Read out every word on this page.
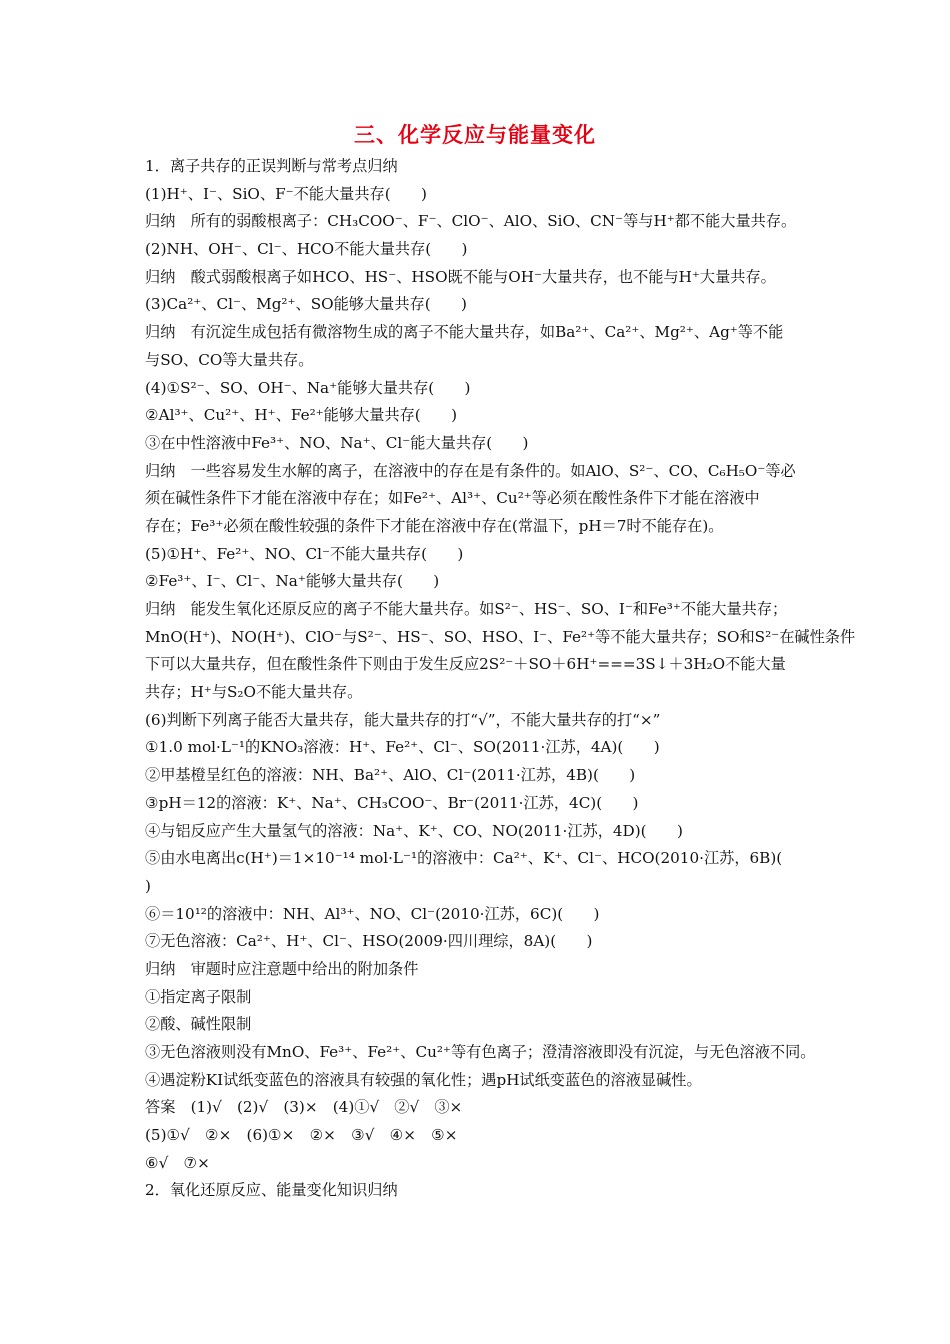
三、化学反应与能量变化
1．离子共存的正误判断与常考点归纳
(1)H⁺、I⁻、SiO、F⁻不能大量共存(　　)
归纳　所有的弱酸根离子：CH₃COO⁻、F⁻、ClO⁻、AlO、SiO、CN⁻等与H⁺都不能大量共存。
(2)NH、OH⁻、Cl⁻、HCO不能大量共存(　　)
归纳　酸式弱酸根离子如HCO、HS⁻、HSO既不能与OH⁻大量共存，也不能与H⁺大量共存。
(3)Ca²⁺、Cl⁻、Mg²⁺、SO能够大量共存(　　)
归纳　有沉淀生成包括有微溶物生成的离子不能大量共存，如Ba²⁺、Ca²⁺、Mg²⁺、Ag⁺等不能
与SO、CO等大量共存。
(4)①S²⁻、SO、OH⁻、Na⁺能够大量共存(　　)
②Al³⁺、Cu²⁺、H⁺、Fe²⁺能够大量共存(　　)
③在中性溶液中Fe³⁺、NO、Na⁺、Cl⁻能大量共存(　　)
归纳　一些容易发生水解的离子，在溶液中的存在是有条件的。如AlO、S²⁻、CO、C₆H₅O⁻等必
须在碱性条件下才能在溶液中存在；如Fe²⁺、Al³⁺、Cu²⁺等必须在酸性条件下才能在溶液中
存在；Fe³⁺必须在酸性较强的条件下才能在溶液中存在(常温下，pH＝7时不能存在)。
(5)①H⁺、Fe²⁺、NO、Cl⁻不能大量共存(　　)
②Fe³⁺、I⁻、Cl⁻、Na⁺能够大量共存(　　)
归纳　能发生氧化还原反应的离子不能大量共存。如S²⁻、HS⁻、SO、I⁻和Fe³⁺不能大量共存；
MnO(H⁺)、NO(H⁺)、ClO⁻与S²⁻、HS⁻、SO、HSO、I⁻、Fe²⁺等不能大量共存；SO和S²⁻在碱性条件
下可以大量共存，但在酸性条件下则由于发生反应2S²⁻＋SO＋6H⁺===3S↓＋3H₂O不能大量
共存；H⁺与S₂O不能大量共存。
(6)判断下列离子能否大量共存，能大量共存的打“√”，不能大量共存的打“×”
①1.0 mol·L⁻¹的KNO₃溶液：H⁺、Fe²⁺、Cl⁻、SO(2011·江苏，4A)(　　)
②甲基橙呈红色的溶液：NH、Ba²⁺、AlO、Cl⁻(2011·江苏，4B)(　　)
③pH＝12的溶液：K⁺、Na⁺、CH₃COO⁻、Br⁻(2011·江苏，4C)(　　)
④与铝反应产生大量氢气的溶液：Na⁺、K⁺、CO、NO(2011·江苏，4D)(　　)
⑤由水电离出c(H⁺)＝1×10⁻¹⁴ mol·L⁻¹的溶液中：Ca²⁺、K⁺、Cl⁻、HCO(2010·江苏，6B)(
)
⑥＝10¹²的溶液中：NH、Al³⁺、NO、Cl⁻(2010·江苏，6C)(　　)
⑦无色溶液：Ca²⁺、H⁺、Cl⁻、HSO(2009·四川理综，8A)(　　)
归纳　审题时应注意题中给出的附加条件
①指定离子限制
②酸、碱性限制
③无色溶液则没有MnO、Fe³⁺、Fe²⁺、Cu²⁺等有色离子；澄清溶液即没有沉淀，与无色溶液不同。
④遇淀粉KI试纸变蓝色的溶液具有较强的氧化性；遇pH试纸变蓝色的溶液显碱性。
答案　(1)√　(2)√　(3)×　(4)①√　②√　③×
(5)①√　②×　(6)①×　②×　③√　④×　⑤×
⑥√　⑦×
2．氧化还原反应、能量变化知识归纳
